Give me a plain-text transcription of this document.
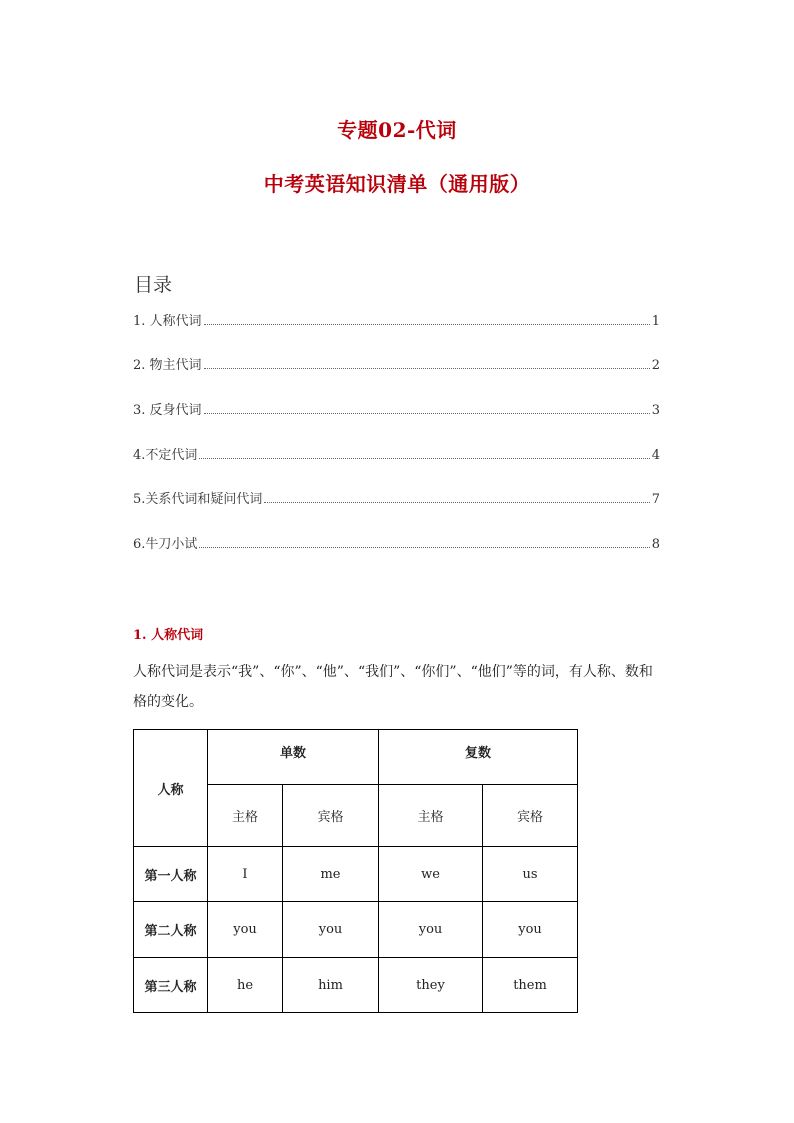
专题02-代词
中考英语知识清单（通用版）
目录
1. 人称代词	1
2. 物主代词	2
3. 反身代词	3
4.不定代词	4
5.关系代词和疑问代词	7
6.牛刀小试	8
1. 人称代词
人称代词是表示“我”、“你”、“他”、“我们”、“你们”、“他们”等的词，有人称、数和格的变化。
人称	单数		复数	
	主格	宾格	主格	宾格
第一人称	I	me	we	us
第二人称	you	you	you	you
第三人称	he	him	they	them
